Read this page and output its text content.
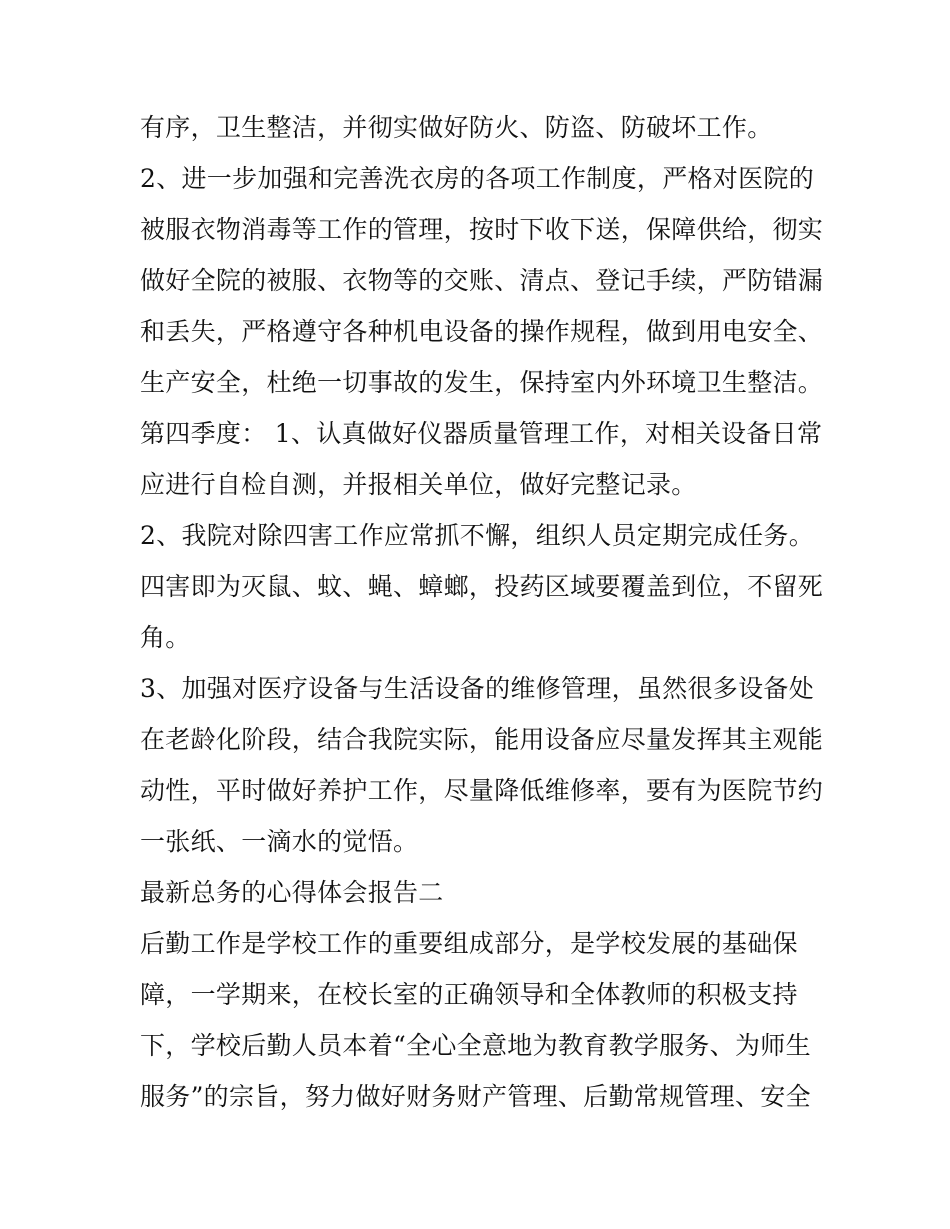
有序，卫生整洁，并彻实做好防火、防盗、防破坏工作。
2、进一步加强和完善洗衣房的各项工作制度，严格对医院的
被服衣物消毒等工作的管理，按时下收下送，保障供给，彻实
做好全院的被服、衣物等的交账、清点、登记手续，严防错漏
和丢失，严格遵守各种机电设备的操作规程，做到用电安全、
生产安全，杜绝一切事故的发生，保持室内外环境卫生整洁。
第四季度： 1、认真做好仪器质量管理工作，对相关设备日常
应进行自检自测，并报相关单位，做好完整记录。
2、我院对除四害工作应常抓不懈，组织人员定期完成任务。
四害即为灭鼠、蚊、蝇、蟑螂，投药区域要覆盖到位，不留死
角。
3、加强对医疗设备与生活设备的维修管理，虽然很多设备处
在老龄化阶段，结合我院实际，能用设备应尽量发挥其主观能
动性，平时做好养护工作，尽量降低维修率，要有为医院节约
一张纸、一滴水的觉悟。
最新总务的心得体会报告二
后勤工作是学校工作的重要组成部分，是学校发展的基础保
障，一学期来，在校长室的正确领导和全体教师的积极支持
下，学校后勤人员本着“全心全意地为教育教学服务、为师生
服务”的宗旨，努力做好财务财产管理、后勤常规管理、安全
